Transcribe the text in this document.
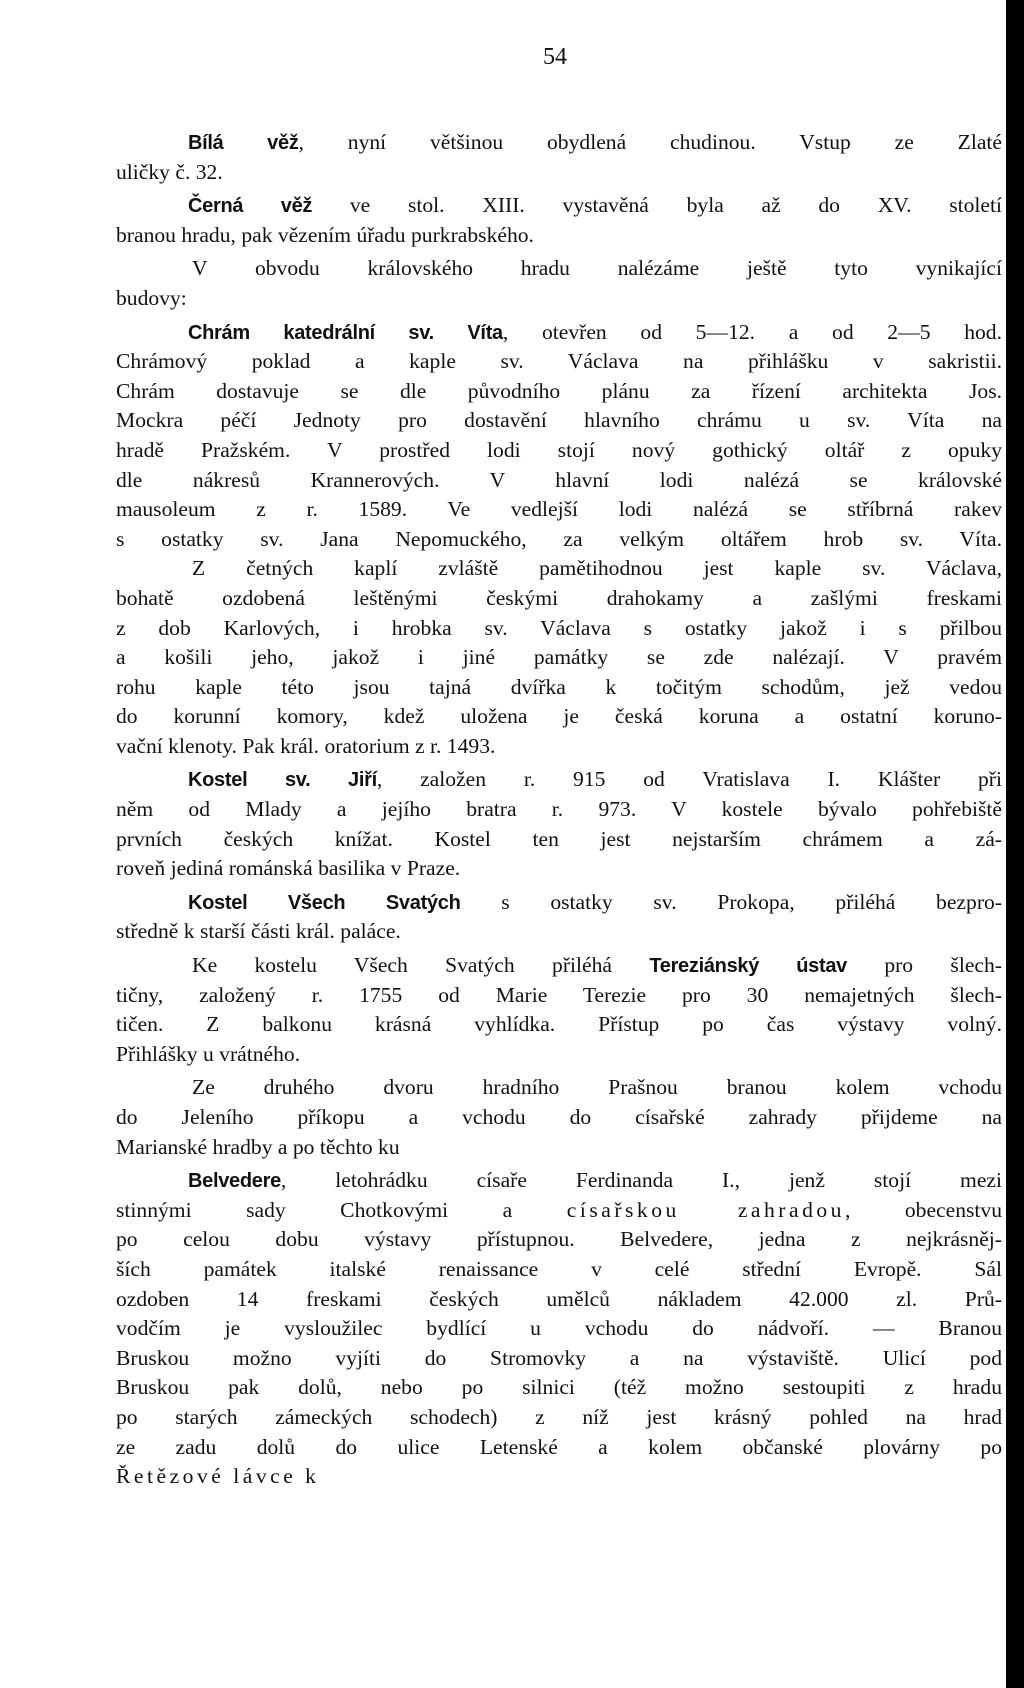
54
Bílá věž, nyní většinou obydlená chudinou. Vstup ze Zlaté
uličky č. 32.
Černá věž ve stol. XIII. vystavěná byla až do XV. století
branou hradu, pak vězením úřadu purkrabského.
V obvodu královského hradu nalézáme ještě tyto vynikající
budovy:
Chrám katedrální sv. Víta, otevřen od 5—12. a od 2—5 hod.
Chrámový poklad a kaple sv. Václava na přihlášku v sakristii.
Chrám dostavuje se dle původního plánu za řízení architekta Jos.
Mockra péčí Jednoty pro dostavění hlavního chrámu u sv. Víta na
hradě Pražském. V prostřed lodi stojí nový gothický oltář z opuky
dle nákresů Krannerových. V hlavní lodi nalézá se královské
mausoleum z r. 1589. Ve vedlejší lodi nalézá se stříbrná rakev
s ostatky sv. Jana Nepomuckého, za velkým oltářem hrob sv. Víta.
Z četných kaplí zvláště pamětihodnou jest kaple sv. Václava,
bohatě ozdobená leštěnými českými drahokamy a zašlými freskami
z dob Karlových, i hrobka sv. Václava s ostatky jakož i s přilbou
a košili jeho, jakož i jiné památky se zde nalézají. V pravém
rohu kaple této jsou tajná dvířka k točitým schodům, jež vedou
do korunní komory, kdež uložena je česká koruna a ostatní koruno-
vační klenoty. Pak král. oratorium z r. 1493.
Kostel sv. Jiří, založen r. 915 od Vratislava I. Klášter při
něm od Mlady a jejího bratra r. 973. V kostele bývalo pohřebiště
prvních českých knížat. Kostel ten jest nejstarším chrámem a zá-
roveň jediná románská basilika v Praze.
Kostel Všech Svatých s ostatky sv. Prokopa, přiléhá bezpro-
středně k starší části král. paláce.
Ke kostelu Všech Svatých přiléhá Tereziánský ústav pro šlech-
tičny, založený r. 1755 od Marie Terezie pro 30 nemajetných šlech-
tičen. Z balkonu krásná vyhlídka. Přístup po čas výstavy volný.
Přihlášky u vrátného.
Ze druhého dvoru hradního Prašnou branou kolem vchodu
do Jeleního příkopu a vchodu do císařské zahrady přijdeme na
Marianské hradby a po těchto ku
Belvedere, letohrádku císaře Ferdinanda I., jenž stojí mezi
stinnými sady Chotkovými a císařskou zahradou, obecenstvu
po celou dobu výstavy přístupnou. Belvedere, jedna z nejkrásněj-
ších památek italské renaissance v celé střední Evropě. Sál
ozdoben 14 freskami českých umělců nákladem 42.000 zl. Prů-
vodčím je vysloužilec bydlící u vchodu do nádvoří. — Branou
Bruskou možno vyjíti do Stromovky a na výstaviště. Ulicí pod
Bruskou pak dolů, nebo po silnici (též možno sestoupiti z hradu
po starých zámeckých schodech) z níž jest krásný pohled na hrad
ze zadu dolů do ulice Letenské a kolem občanské plovárny po
Řetězové lávce k
